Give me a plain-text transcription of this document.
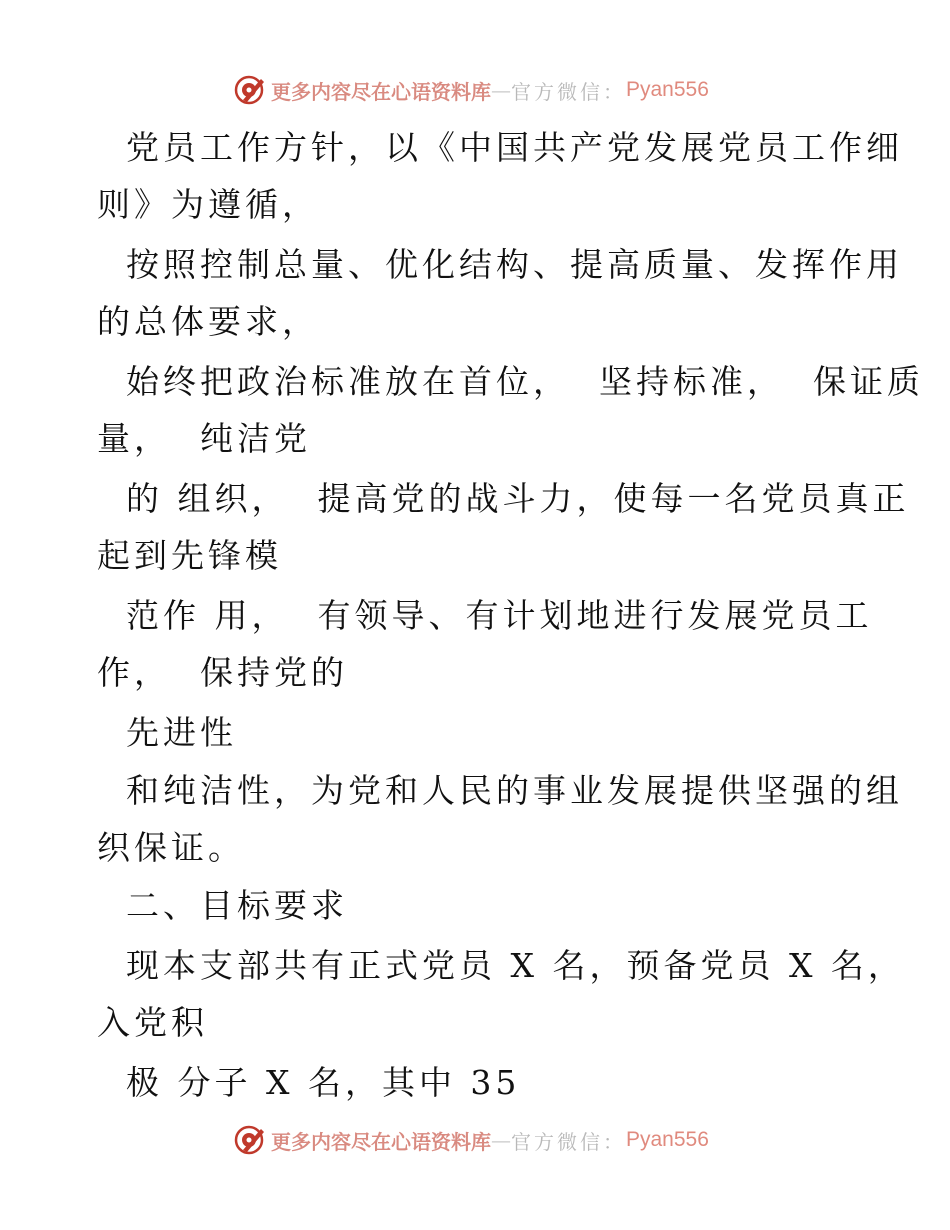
更多内容尽在心语资料库 — 官方微信： Pyan556
党员工作方针，以《中国共产党发展党员工作细
则》为遵循，
按照控制总量、优化结构、提高质量、发挥作用
的总体要求，
始终把政治标准放在首位，  坚持标准，  保证质
量，  纯洁党
的 组织，  提高党的战斗力，使每一名党员真正
起到先锋模
范作 用，  有领导、有计划地进行发展党员工
作，  保持党的
先进性
和纯洁性，为党和人民的事业发展提供坚强的组
织保证。
二、目标要求
现本支部共有正式党员 X 名，预备党员 X 名，
入党积
极 分子 X 名，其中 35
更多内容尽在心语资料库 — 官方微信： Pyan556
